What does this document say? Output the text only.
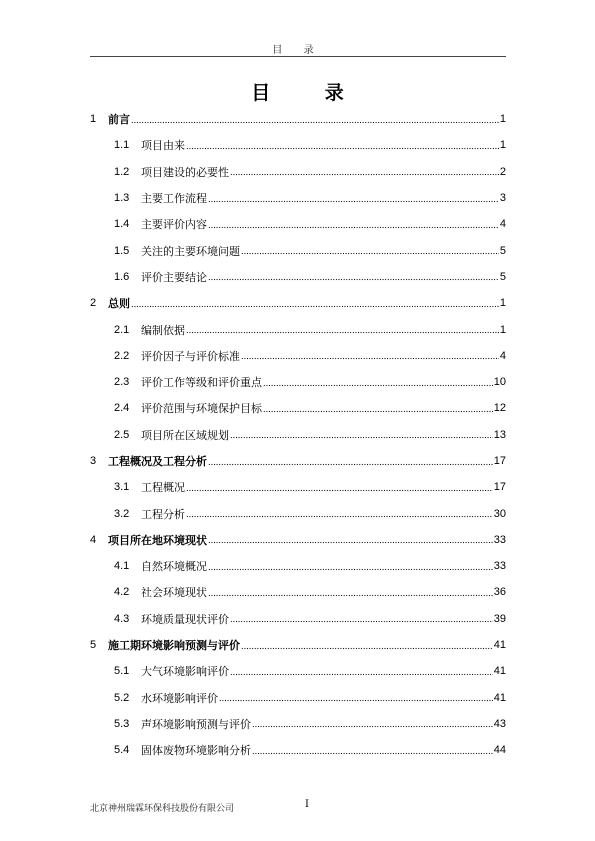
目 录
目 录
1	前言	1
1.1	项目由来	1
1.2	项目建设的必要性	2
1.3	主要工作流程	3
1.4	主要评价内容	4
1.5	关注的主要环境问题	5
1.6	评价主要结论	5
2	总则	1
2.1	编制依据	1
2.2	评价因子与评价标准	4
2.3	评价工作等级和评价重点	10
2.4	评价范围与环境保护目标	12
2.5	项目所在区域规划	13
3	工程概况及工程分析	17
3.1	工程概况	17
3.2	工程分析	30
4	项目所在地环境现状	33
4.1	自然环境概况	33
4.2	社会环境现状	36
4.3	环境质量现状评价	39
5	施工期环境影响预测与评价	41
5.1	大气环境影响评价	41
5.2	水环境影响评价	41
5.3	声环境影响预测与评价	43
5.4	固体废物环境影响分析	44
北京神州瑞霖环保科技股份有限公司	I
